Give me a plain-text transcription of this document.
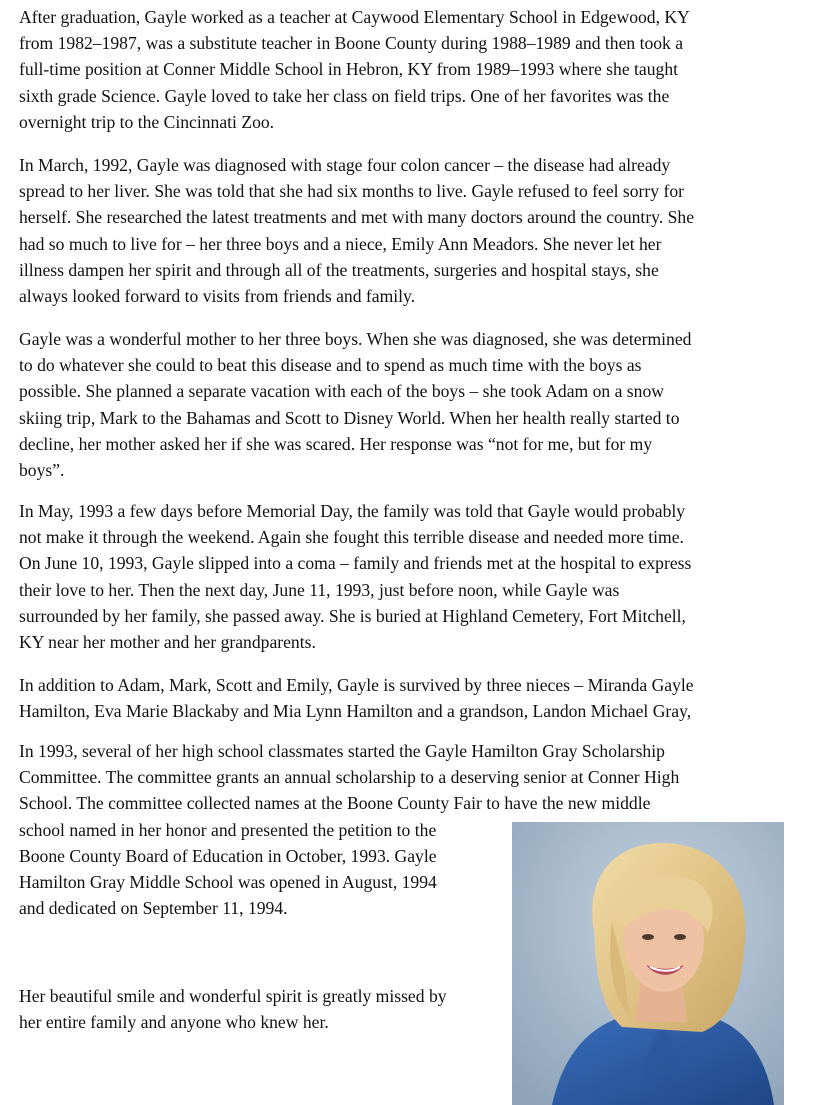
After graduation, Gayle worked as a teacher at Caywood Elementary School in Edgewood, KY
from 1982–1987, was a substitute teacher in Boone County during 1988–1989 and then took a
full-time position at Conner Middle School in Hebron, KY from 1989–1993 where she taught
sixth grade Science. Gayle loved to take her class on field trips. One of her favorites was the
overnight trip to the Cincinnati Zoo.

In March, 1992, Gayle was diagnosed with stage four colon cancer – the disease had already
spread to her liver. She was told that she had six months to live. Gayle refused to feel sorry for
herself. She researched the latest treatments and met with many doctors around the country. She
had so much to live for – her three boys and a niece, Emily Ann Meadors. She never let her
illness dampen her spirit and through all of the treatments, surgeries and hospital stays, she
always looked forward to visits from friends and family.

Gayle was a wonderful mother to her three boys. When she was diagnosed, she was determined
to do whatever she could to beat this disease and to spend as much time with the boys as
possible. She planned a separate vacation with each of the boys – she took Adam on a snow
skiing trip, Mark to the Bahamas and Scott to Disney World. When her health really started to
decline, her mother asked her if she was scared. Her response was “not for me, but for my
boys”.

In May, 1993 a few days before Memorial Day, the family was told that Gayle would probably
not make it through the weekend. Again she fought this terrible disease and needed more time.
On June 10, 1993, Gayle slipped into a coma – family and friends met at the hospital to express
their love to her. Then the next day, June 11, 1993, just before noon, while Gayle was
surrounded by her family, she passed away. She is buried at Highland Cemetery, Fort Mitchell,
KY near her mother and her grandparents.

In addition to Adam, Mark, Scott and Emily, Gayle is survived by three nieces – Miranda Gayle
Hamilton, Eva Marie Blackaby and Mia Lynn Hamilton and a grandson, Landon Michael Gray,

In 1993, several of her high school classmates started the Gayle Hamilton Gray Scholarship
Committee. The committee grants an annual scholarship to a deserving senior at Conner High
School. The committee collected names at the Boone County Fair to have the new middle
school named in her honor and presented the petition to the
Boone County Board of Education in October, 1993. Gayle
Hamilton Gray Middle School was opened in August, 1994
and dedicated on September 11, 1994.

Her beautiful smile and wonderful spirit is greatly missed by
her entire family and anyone who knew her.
